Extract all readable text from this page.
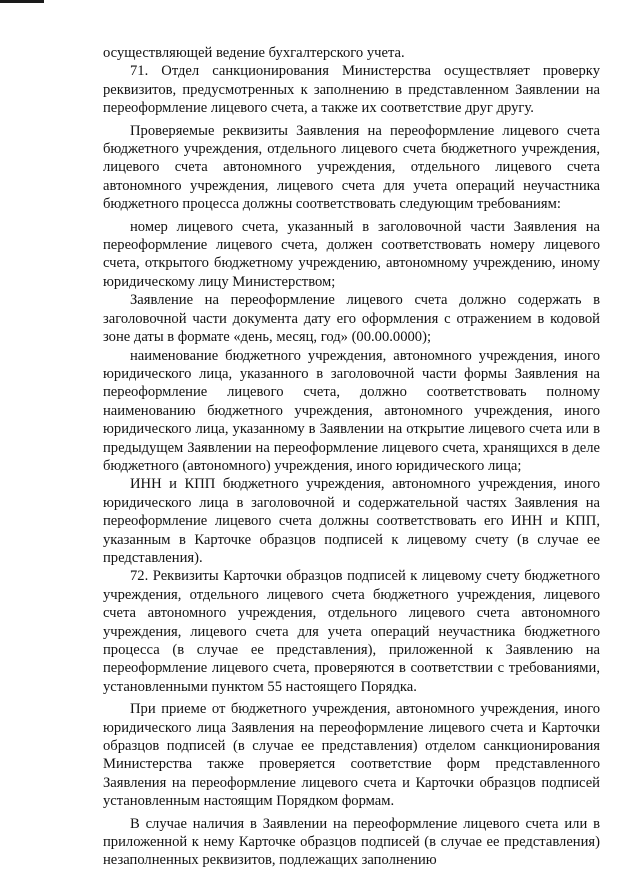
осуществляющей ведение бухгалтерского учета.

71. Отдел санкционирования Министерства осуществляет проверку реквизитов, предусмотренных к заполнению в представленном Заявлении на переоформление лицевого счета, а также их соответствие друг другу.

Проверяемые реквизиты Заявления на переоформление лицевого счета бюджетного учреждения, отдельного лицевого счета бюджетного учреждения, лицевого счета автономного учреждения, отдельного лицевого счета автономного учреждения, лицевого счета для учета операций неучастника бюджетного процесса должны соответствовать следующим требованиям:

номер лицевого счета, указанный в заголовочной части Заявления на переоформление лицевого счета, должен соответствовать номеру лицевого счета, открытого бюджетному учреждению, автономному учреждению, иному юридическому лицу Министерством;

Заявление на переоформление лицевого счета должно содержать в заголовочной части документа дату его оформления с отражением в кодовой зоне даты в формате «день, месяц, год» (00.00.0000);

наименование бюджетного учреждения, автономного учреждения, иного юридического лица, указанного в заголовочной части формы Заявления на переоформление лицевого счета, должно соответствовать полному наименованию бюджетного учреждения, автономного учреждения, иного юридического лица, указанному в Заявлении на открытие лицевого счета или в предыдущем Заявлении на переоформление лицевого счета, хранящихся в деле бюджетного (автономного) учреждения, иного юридического лица;

ИНН и КПП бюджетного учреждения, автономного учреждения, иного юридического лица в заголовочной и содержательной частях Заявления на переоформление лицевого счета должны соответствовать его ИНН и КПП, указанным в Карточке образцов подписей к лицевому счету (в случае ее представления).

72. Реквизиты Карточки образцов подписей к лицевому счету бюджетного учреждения, отдельного лицевого счета бюджетного учреждения, лицевого счета автономного учреждения, отдельного лицевого счета автономного учреждения, лицевого счета для учета операций неучастника бюджетного процесса (в случае ее представления), приложенной к Заявлению на переоформление лицевого счета, проверяются в соответствии с требованиями, установленными пунктом 55 настоящего Порядка.

При приеме от бюджетного учреждения, автономного учреждения, иного юридического лица Заявления на переоформление лицевого счета и Карточки образцов подписей (в случае ее представления) отделом санкционирования Министерства также проверяется соответствие форм представленного Заявления на переоформление лицевого счета и Карточки образцов подписей установленным настоящим Порядком формам.

В случае наличия в Заявлении на переоформление лицевого счета или в приложенной к нему Карточке образцов подписей (в случае ее представления) незаполненных реквизитов, подлежащих заполнению
